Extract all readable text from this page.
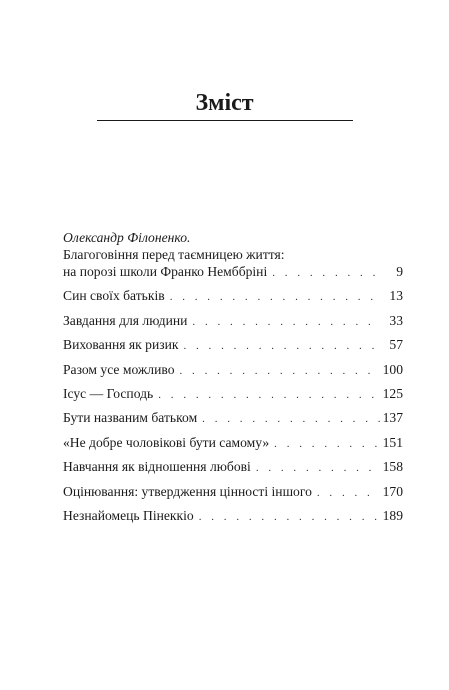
Зміст
Олександр Філоненко.
Благоговіння перед таємницею життя:
на порозі школи Франко Немббріні . . .	9
Син своїх батьків . . .	13
Завдання для людини . . .	33
Виховання як ризик . . .	57
Разом усе можливо . . .	100
Ісус — Господь . . .	125
Бути названим батьком . . .	137
«Не добре чоловікові бути самому» . . .	151
Навчання як відношення любові . . .	158
Оцінювання: утвердження цінності іншого . . .	170
Незнайомець Пінеккіо . . .	189
